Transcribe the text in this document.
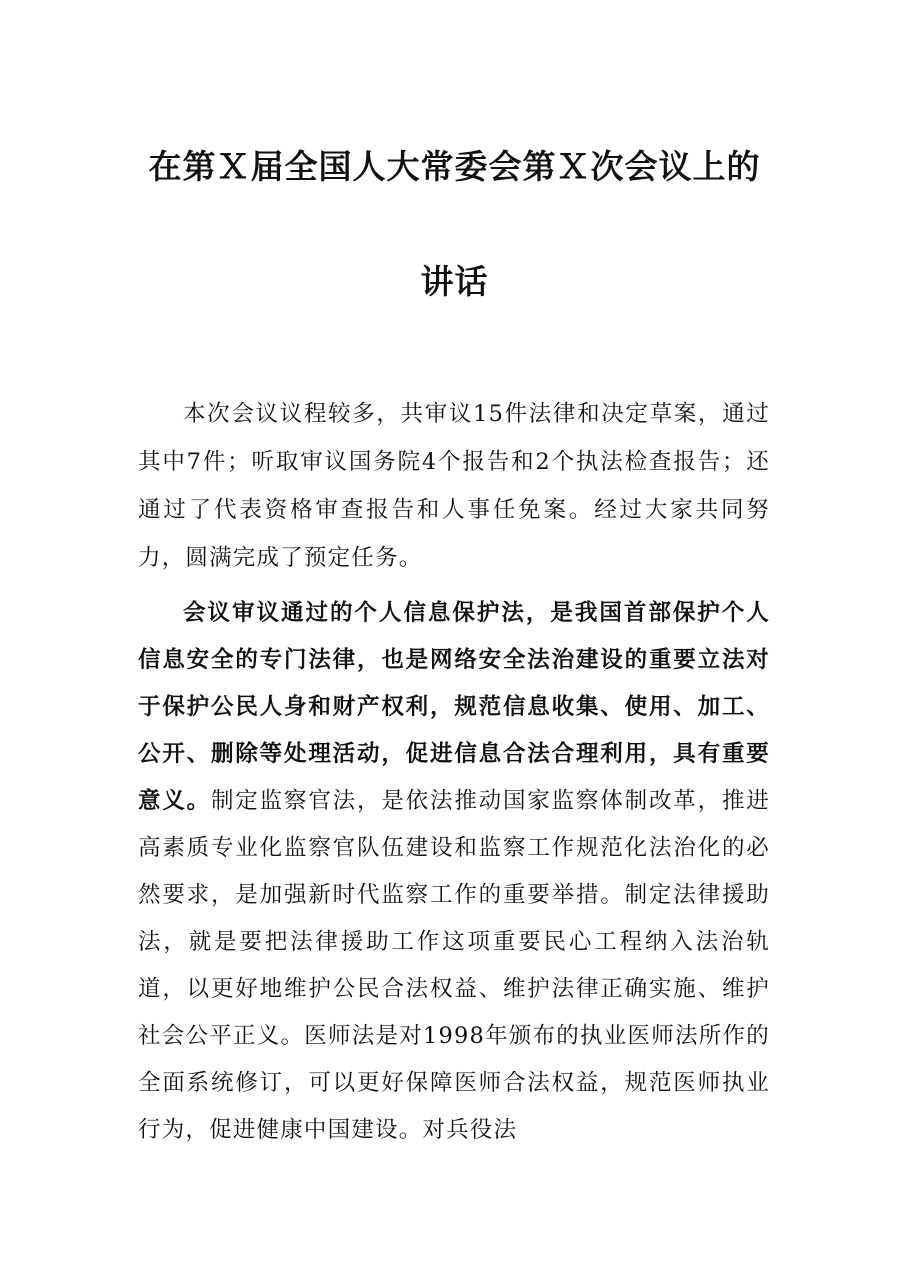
在第Ｘ届全国人大常委会第Ｘ次会议上的
讲话

本次会议议程较多，共审议15件法律和决定草案，通过其中7件；听取审议国务院4个报告和2个执法检查报告；还通过了代表资格审查报告和人事任免案。经过大家共同努力，圆满完成了预定任务。

会议审议通过的个人信息保护法，是我国首部保护个人信息安全的专门法律，也是网络安全法治建设的重要立法对于保护公民人身和财产权利，规范信息收集、使用、加工、公开、删除等处理活动，促进信息合法合理利用，具有重要意义。制定监察官法，是依法推动国家监察体制改革，推进高素质专业化监察官队伍建设和监察工作规范化法治化的必然要求，是加强新时代监察工作的重要举措。制定法律援助法，就是要把法律援助工作这项重要民心工程纳入法治轨道，以更好地维护公民合法权益、维护法律正确实施、维护社会公平正义。医师法是对1998年颁布的执业医师法所作的全面系统修订，可以更好保障医师合法权益，规范医师执业行为，促进健康中国建设。对兵役法
